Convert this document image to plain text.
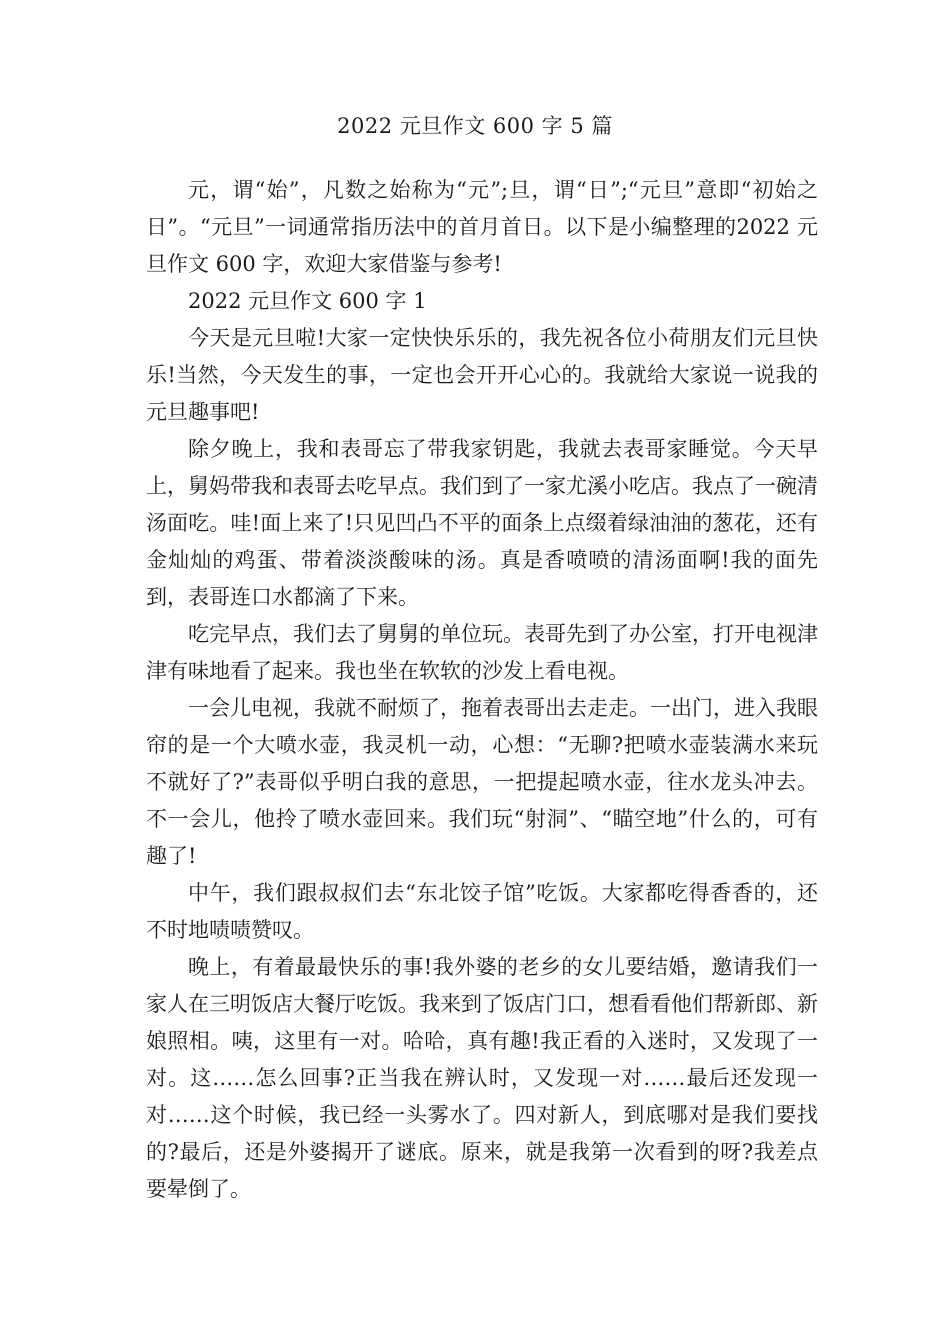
2022 元旦作文 600 字 5 篇

元，谓“始”，凡数之始称为“元”;旦，谓“日”;“元旦”意即“初始之日”。“元旦”一词通常指历法中的首月首日。以下是小编整理的2022 元旦作文 600 字，欢迎大家借鉴与参考!

2022 元旦作文 600 字 1

今天是元旦啦!大家一定快快乐乐的，我先祝各位小荷朋友们元旦快乐!当然，今天发生的事，一定也会开开心心的。我就给大家说一说我的元旦趣事吧!

除夕晚上，我和表哥忘了带我家钥匙，我就去表哥家睡觉。今天早上，舅妈带我和表哥去吃早点。我们到了一家尤溪小吃店。我点了一碗清汤面吃。哇!面上来了!只见凹凸不平的面条上点缀着绿油油的葱花，还有金灿灿的鸡蛋、带着淡淡酸味的汤。真是香喷喷的清汤面啊!我的面先到，表哥连口水都滴了下来。

吃完早点，我们去了舅舅的单位玩。表哥先到了办公室，打开电视津津有味地看了起来。我也坐在软软的沙发上看电视。

一会儿电视，我就不耐烦了，拖着表哥出去走走。一出门，进入我眼帘的是一个大喷水壶，我灵机一动，心想：“无聊?把喷水壶装满水来玩不就好了?”表哥似乎明白我的意思，一把提起喷水壶，往水龙头冲去。不一会儿，他拎了喷水壶回来。我们玩“射洞”、“瞄空地”什么的，可有趣了!

中午，我们跟叔叔们去“东北饺子馆”吃饭。大家都吃得香香的，还不时地啧啧赞叹。

晚上，有着最最快乐的事!我外婆的老乡的女儿要结婚，邀请我们一家人在三明饭店大餐厅吃饭。我来到了饭店门口，想看看他们帮新郎、新娘照相。咦，这里有一对。哈哈，真有趣!我正看的入迷时，又发现了一对。这……怎么回事?正当我在辨认时，又发现一对……最后还发现一对……这个时候，我已经一头雾水了。四对新人，到底哪对是我们要找的?最后，还是外婆揭开了谜底。原来，就是我第一次看到的呀?我差点要晕倒了。
